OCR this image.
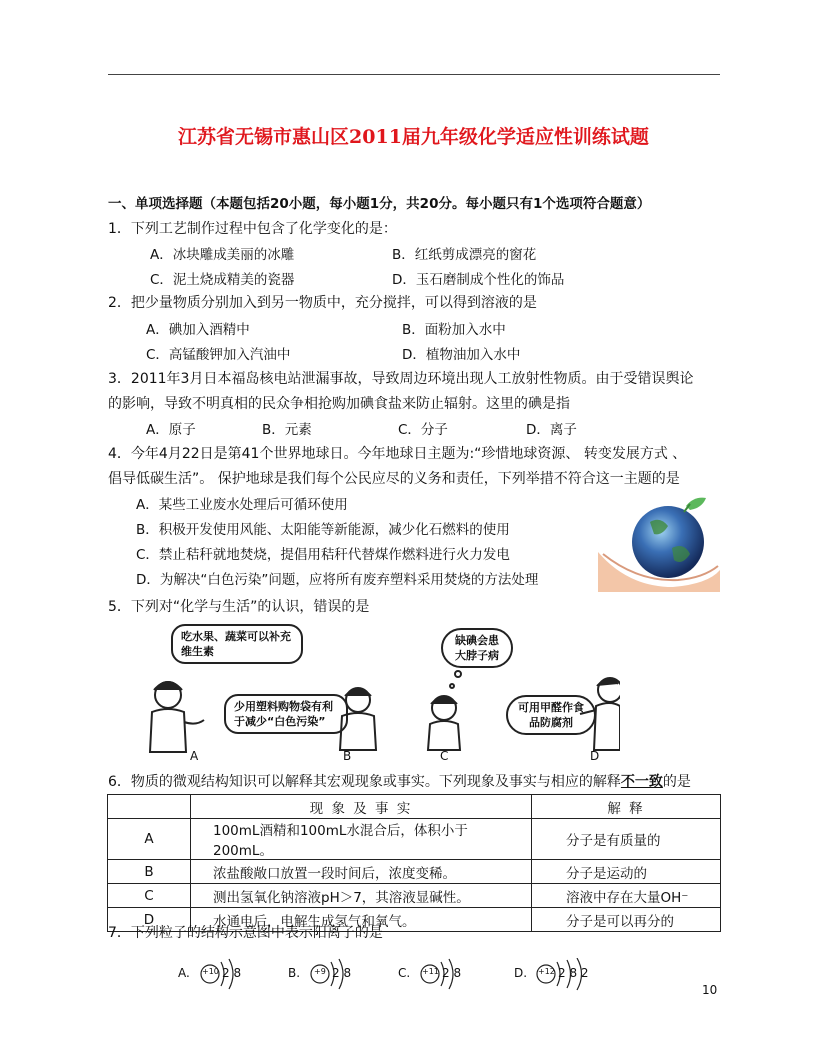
江苏省无锡市惠山区2011届九年级化学适应性训练试题
一、单项选择题（本题包括20小题，每小题1分，共20分。每小题只有1个选项符合题意）
1．下列工艺制作过程中包含了化学变化的是：
A．冰块雕成美丽的冰雕	B．红纸剪成漂亮的窗花
C．泥土烧成精美的瓷器	D．玉石磨制成个性化的饰品
2．把少量物质分别加入到另一物质中，充分搅拌，可以得到溶液的是
A．碘加入酒精中	B．面粉加入水中
C．高锰酸钾加入汽油中	D．植物油加入水中
3．2011年3月日本福岛核电站泄漏事故，导致周边环境出现人工放射性物质。由于受错误舆论
的影响，导致不明真相的民众争相抢购加碘食盐来防止辐射。这里的碘是指
A．原子	B．元素	C．分子	D．离子
4．今年4月22日是第41个世界地球日。今年地球日主题为:“珍惜地球资源、 转变发展方式 、
倡导低碳生活”。 保护地球是我们每个公民应尽的义务和责任，下列举措不符合这一主题的是
A．某些工业废水处理后可循环使用
B．积极开发使用风能、太阳能等新能源，减少化石燃料的使用
C．禁止秸秆就地焚烧，提倡用秸秆代替煤作燃料进行火力发电
D．为解决“白色污染”问题，应将所有废弃塑料采用焚烧的方法处理
5．下列对“化学与生活”的认识，错误的是
吃水果、蔬菜可以补充维生素
少用塑料购物袋有利于减少“白色污染”
缺碘会患大脖子病
可用甲醛作食品防腐剂
A	B	C	D
6．物质的微观结构知识可以解释其宏观现象或事实。下列现象及事实与相应的解释不一致的是
	现 象 及 事 实	解 释
A	100mL酒精和100mL水混合后，体积小于200mL。	分子是有质量的
B	浓盐酸敞口放置一段时间后，浓度变稀。	分子是运动的
C	测出氢氧化钠溶液pH＞7，其溶液显碱性。	溶液中存在大量OH⁻
D	水通电后，电解生成氢气和氧气。	分子是可以再分的
7．下列粒子的结构示意图中表示阳离子的是
A. +10 2 8	B. +9 2 8	C. +11 2 8	D. +12 2 8 2
10
